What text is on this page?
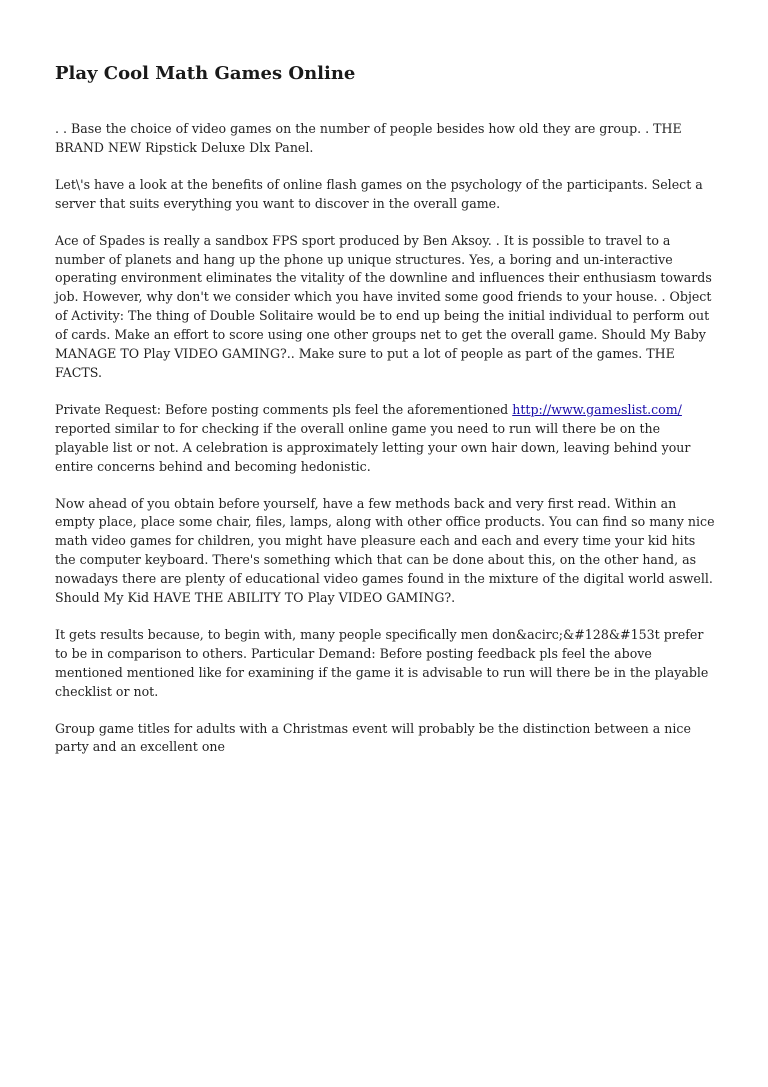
Play Cool Math Games Online

. . Base the choice of video games on the number of people besides how old they are group. . THE BRAND NEW Ripstick Deluxe Dlx Panel.

Let\'s have a look at the benefits of online flash games on the psychology of the participants. Select a server that suits everything you want to discover in the overall game.

Ace of Spades is really a sandbox FPS sport produced by Ben Aksoy. . It is possible to travel to a number of planets and hang up the phone up unique structures. Yes, a boring and un-interactive operating environment eliminates the vitality of the downline and influences their enthusiasm towards job. However, why don't we consider which you have invited some good friends to your house. . Object of Activity: The thing of Double Solitaire would be to end up being the initial individual to perform out of cards. Make an effort to score using one other groups net to get the overall game. Should My Baby MANAGE TO Play VIDEO GAMING?.. Make sure to put a lot of people as part of the games. THE FACTS.

Private Request: Before posting comments pls feel the aforementioned http://www.gameslist.com/ reported similar to for checking if the overall online game you need to run will there be on the playable list or not. A celebration is approximately letting your own hair down, leaving behind your entire concerns behind and becoming hedonistic.

Now ahead of you obtain before yourself, have a few methods back and very first read. Within an empty place, place some chair, files, lamps, along with other office products. You can find so many nice math video games for children, you might have pleasure each and each and every time your kid hits the computer keyboard. There's something which that can be done about this, on the other hand, as nowadays there are plenty of educational video games found in the mixture of the digital world aswell. Should My Kid HAVE THE ABILITY TO Play VIDEO GAMING?.

It gets results because, to begin with, many people specifically men don&acirc;&#128&#153t prefer to be in comparison to others. Particular Demand: Before posting feedback pls feel the above mentioned mentioned like for examining if the game it is advisable to run will there be in the playable checklist or not.

Group game titles for adults with a Christmas event will probably be the distinction between a nice party and an excellent one
